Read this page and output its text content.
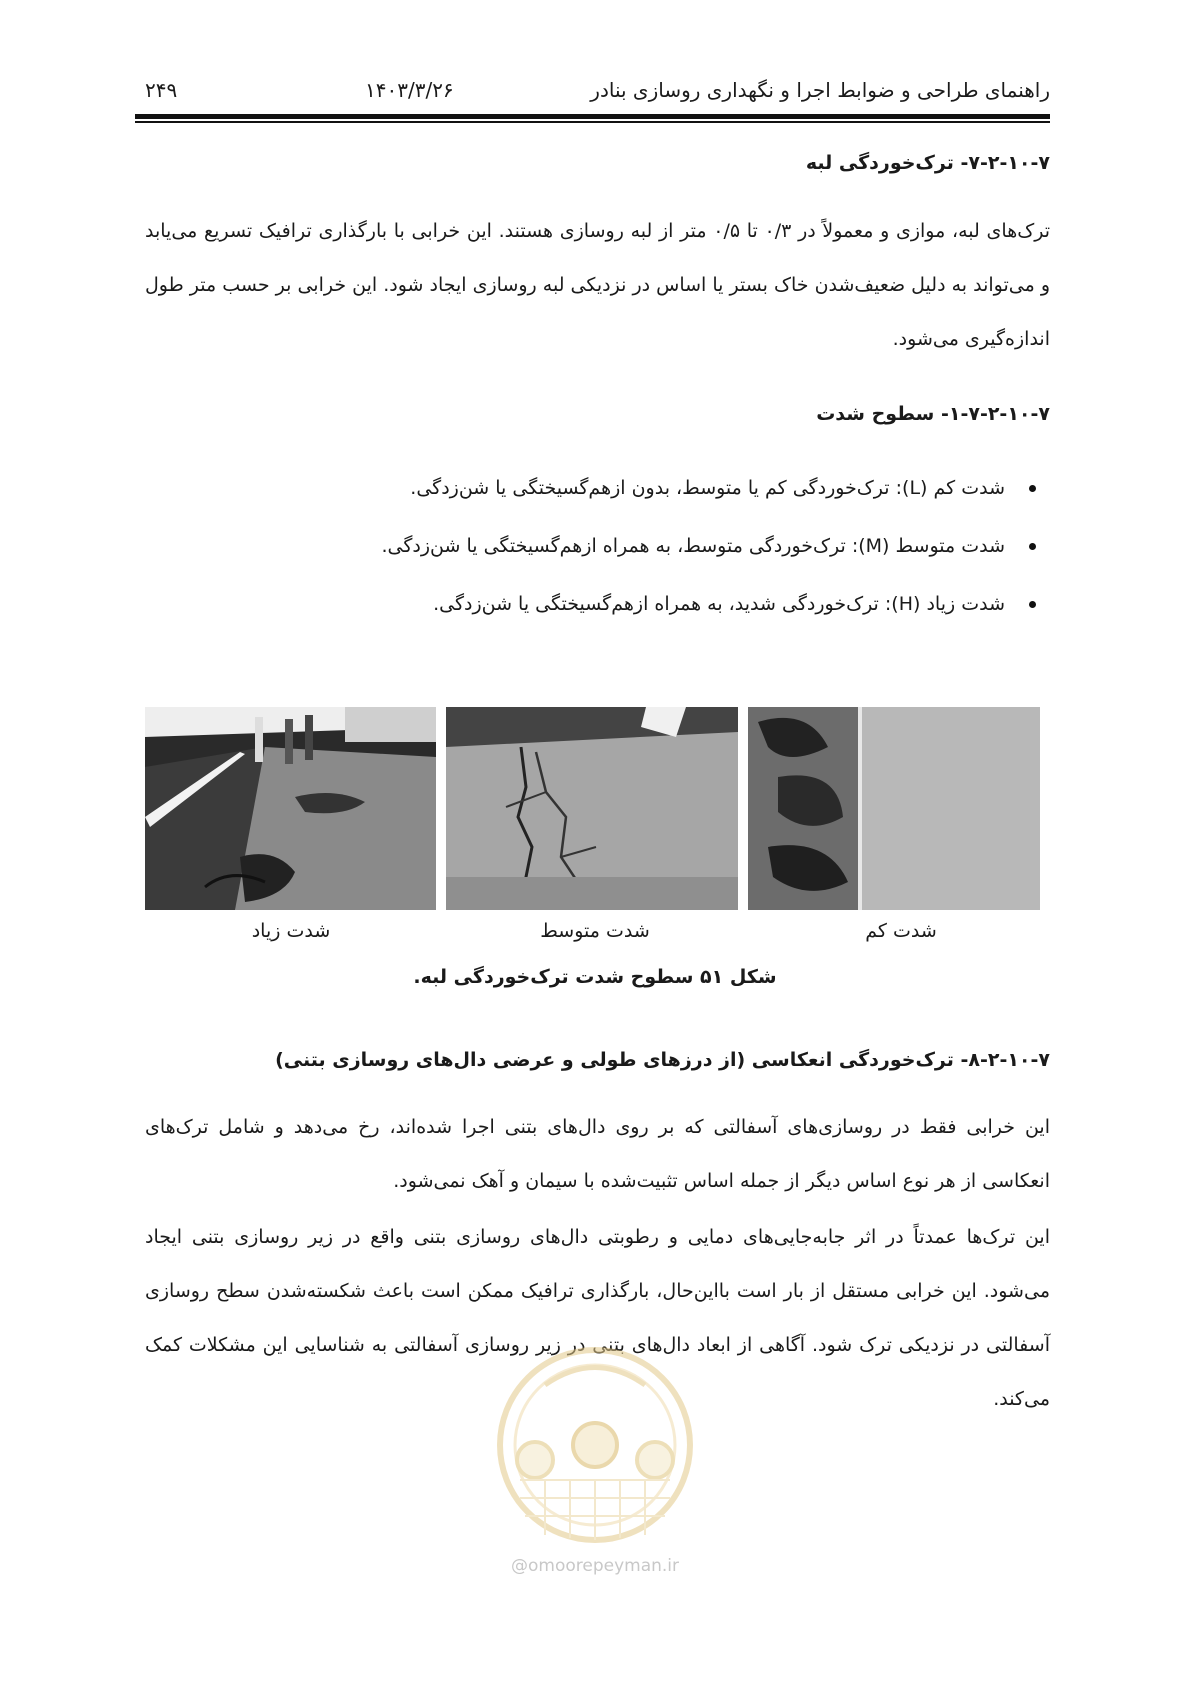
راهنمای طراحی و ضوابط اجرا و نگهداری روسازی بنادر
۱۴۰۳/۳/۲۶
۲۴۹
۷-۲-۱۰-۷- ترک‌خوردگی لبه
ترک‌های لبه، موازی و معمولاً در ۰/۳ تا ۰/۵ متر از لبه روسازی هستند. این خرابی با بارگذاری ترافیک تسریع می‌یابد و می‌تواند به دلیل ضعیف‌شدن خاک بستر یا اساس در نزدیکی لبه روسازی ایجاد شود. این خرابی بر حسب متر طول اندازه‌گیری می‌شود.
۱-۷-۲-۱۰-۷- سطوح شدت
شدت کم (L): ترک‌خوردگی کم یا متوسط، بدون ازهم‌گسیختگی یا شن‌زدگی.
شدت متوسط (M): ترک‌خوردگی متوسط، به همراه ازهم‌گسیختگی یا شن‌زدگی.
شدت زیاد (H): ترک‌خوردگی شدید، به همراه ازهم‌گسیختگی یا شن‌زدگی.
شدت زیاد	شدت متوسط	شدت کم
شکل ۵۱ سطوح شدت ترک‌خوردگی لبه.
۸-۲-۱۰-۷- ترک‌خوردگی انعکاسی (از درزهای طولی و عرضی دال‌های روسازی بتنی)
این خرابی فقط در روسازی‌های آسفالتی که بر روی دال‌های بتنی اجرا شده‌اند، رخ می‌دهد و شامل ترک‌های انعکاسی از هر نوع اساس دیگر از جمله اساس تثبیت‌شده با سیمان و آهک نمی‌شود.
این ترک‌ها عمدتاً در اثر جابه‌جایی‌های دمایی و رطوبتی دال‌های روسازی بتنی واقع در زیر روسازی بتنی ایجاد می‌شود. این خرابی مستقل از بار است بااین‌حال، بارگذاری ترافیک ممکن است باعث شکسته‌شدن سطح روسازی آسفالتی در نزدیکی ترک شود. آگاهی از ابعاد دال‌های بتنی در زیر روسازی آسفالتی به شناسایی این مشکلات کمک می‌کند.
@omoorepeyman.ir
